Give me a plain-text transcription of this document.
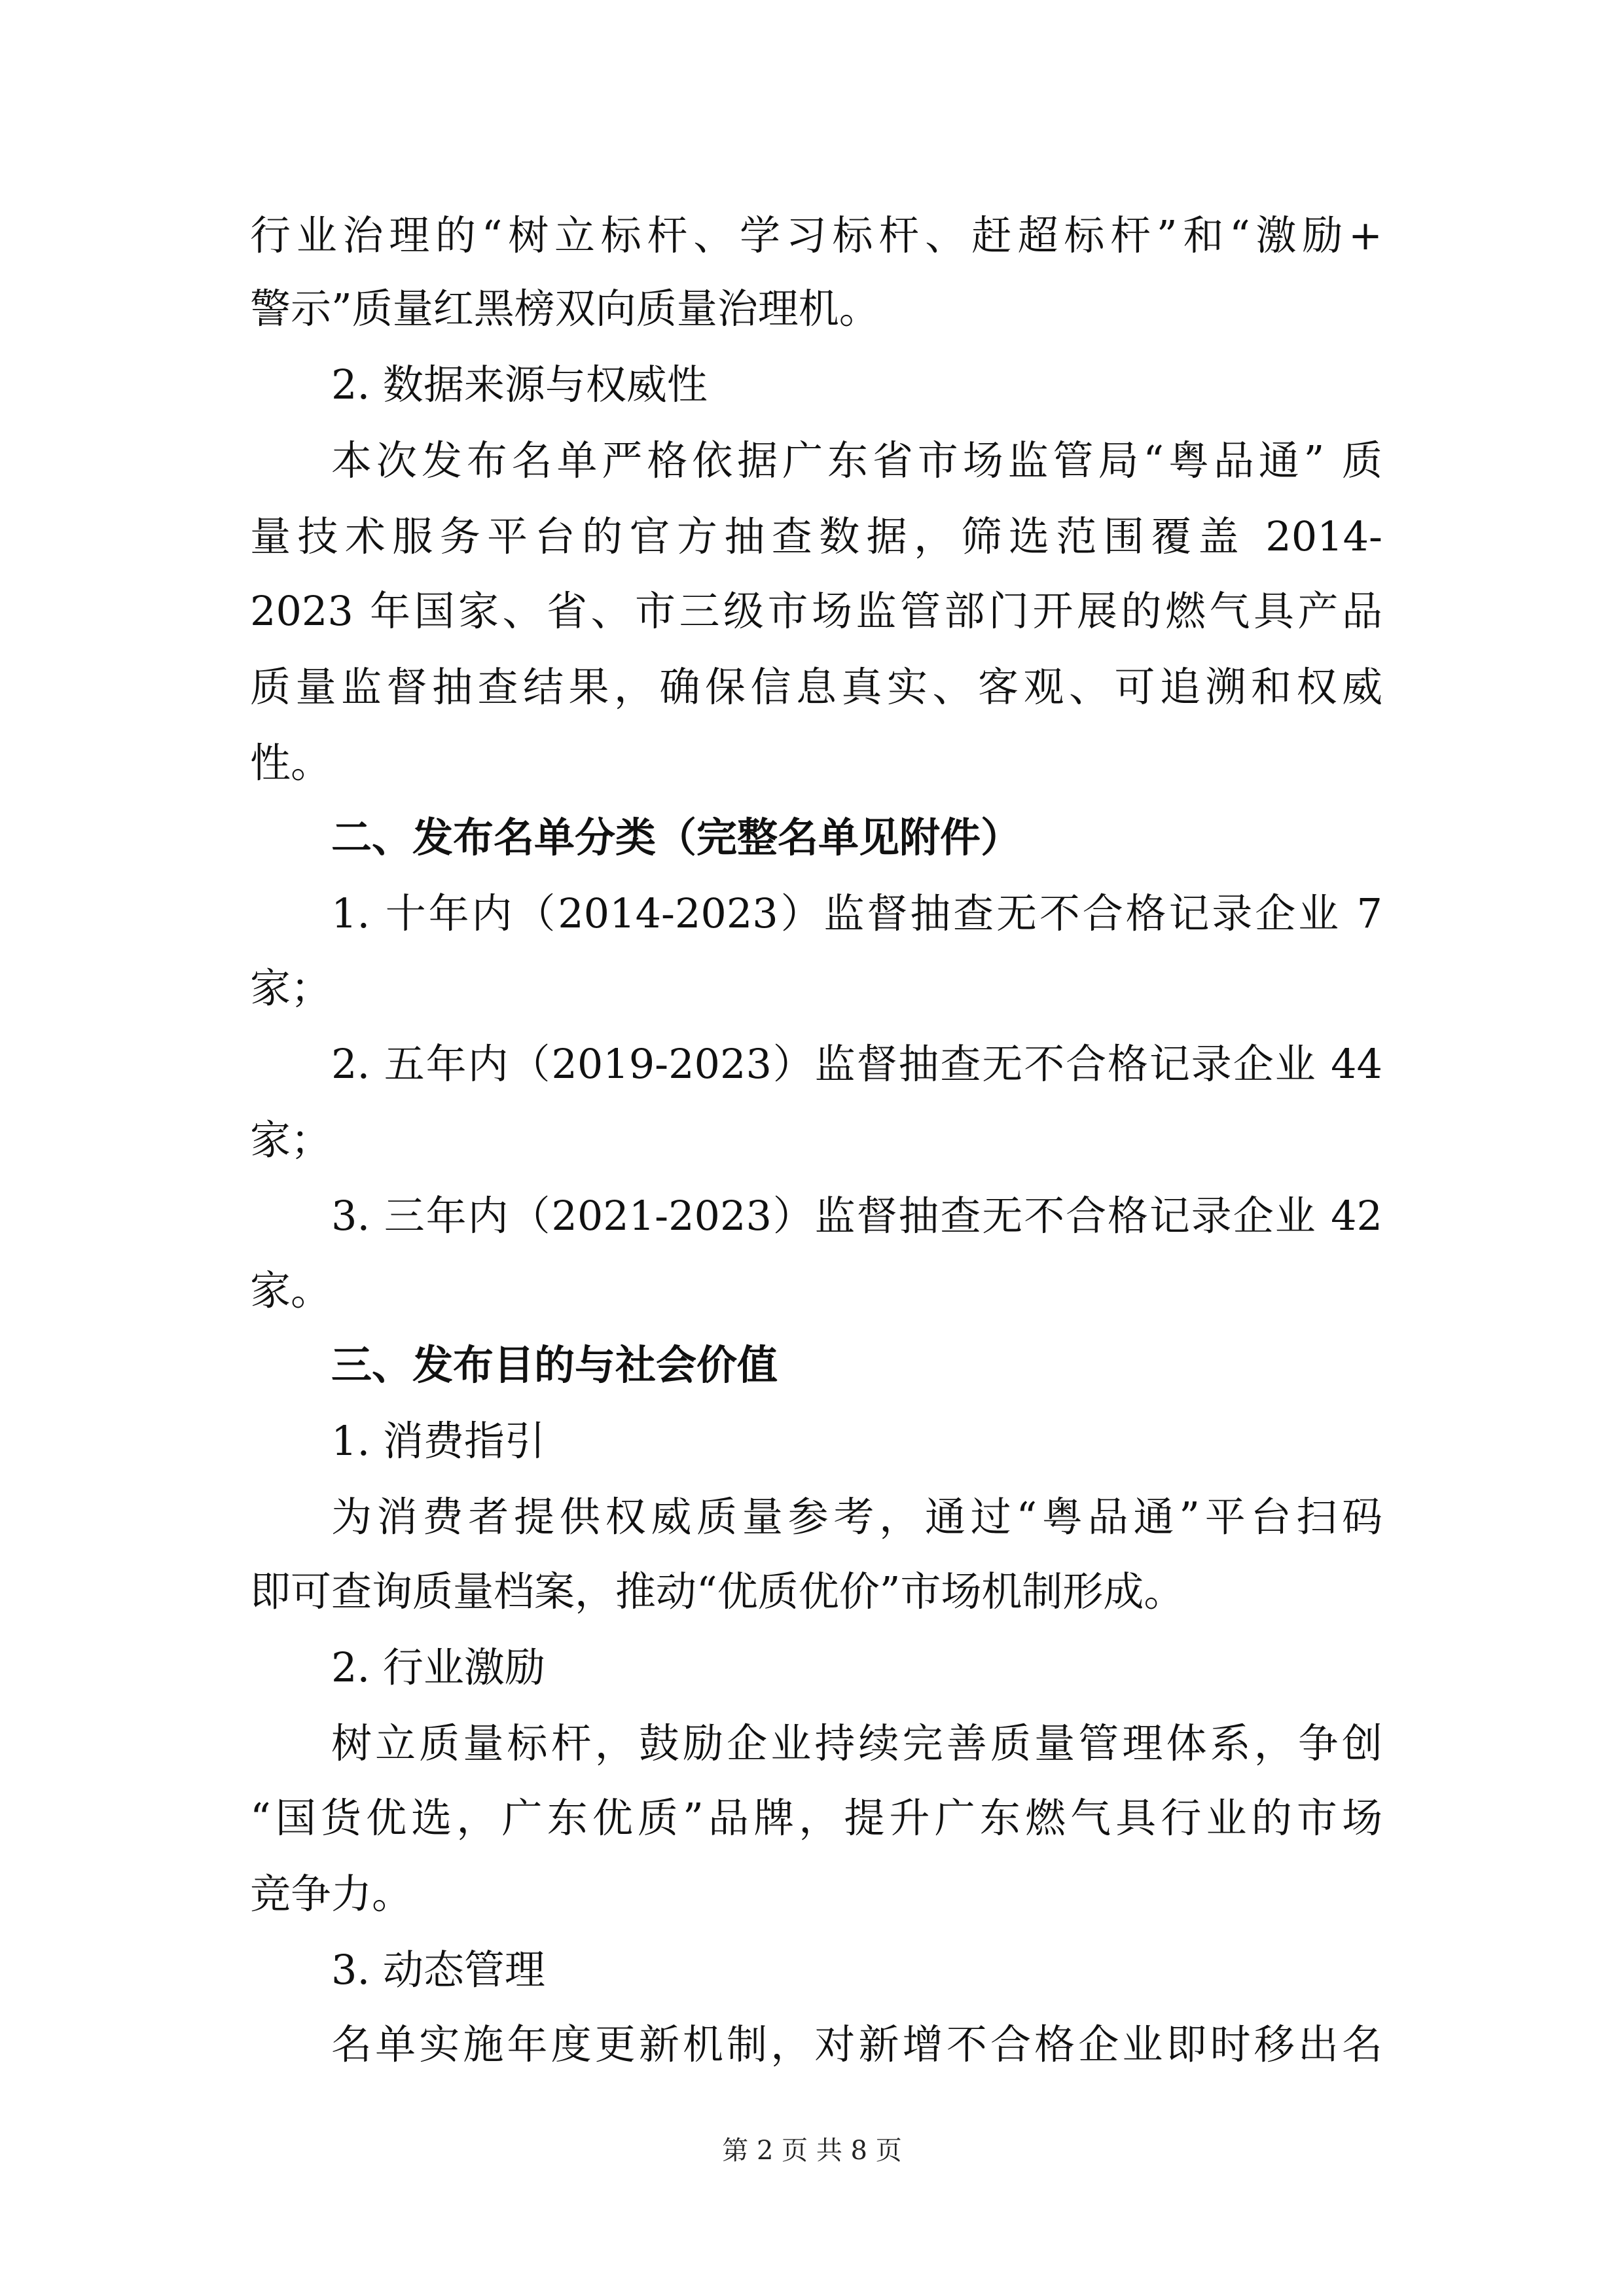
行业治理的“树立标杆、学习标杆、赶超标杆”和“激励+
警示”质量红黑榜双向质量治理机。
2. 数据来源与权威性
本次发布名单严格依据广东省市场监管局“粤品通” 质
量技术服务平台的官方抽查数据，筛选范围覆盖 2014-
2023 年国家、省、市三级市场监管部门开展的燃气具产品
质量监督抽查结果，确保信息真实、客观、可追溯和权威
性。
二、发布名单分类（完整名单见附件）
1. 十年内（2014-2023）监督抽查无不合格记录企业 7
家；
2. 五年内（2019-2023）监督抽查无不合格记录企业 44
家；
3. 三年内（2021-2023）监督抽查无不合格记录企业 42
家。
三、发布目的与社会价值
1. 消费指引
为消费者提供权威质量参考，通过“粤品通”平台扫码
即可查询质量档案，推动“优质优价”市场机制形成。
2. 行业激励
树立质量标杆，鼓励企业持续完善质量管理体系，争创
“国货优选，广东优质”品牌，提升广东燃气具行业的市场
竞争力。
3. 动态管理
名单实施年度更新机制，对新增不合格企业即时移出名
第 2 页 共 8 页
